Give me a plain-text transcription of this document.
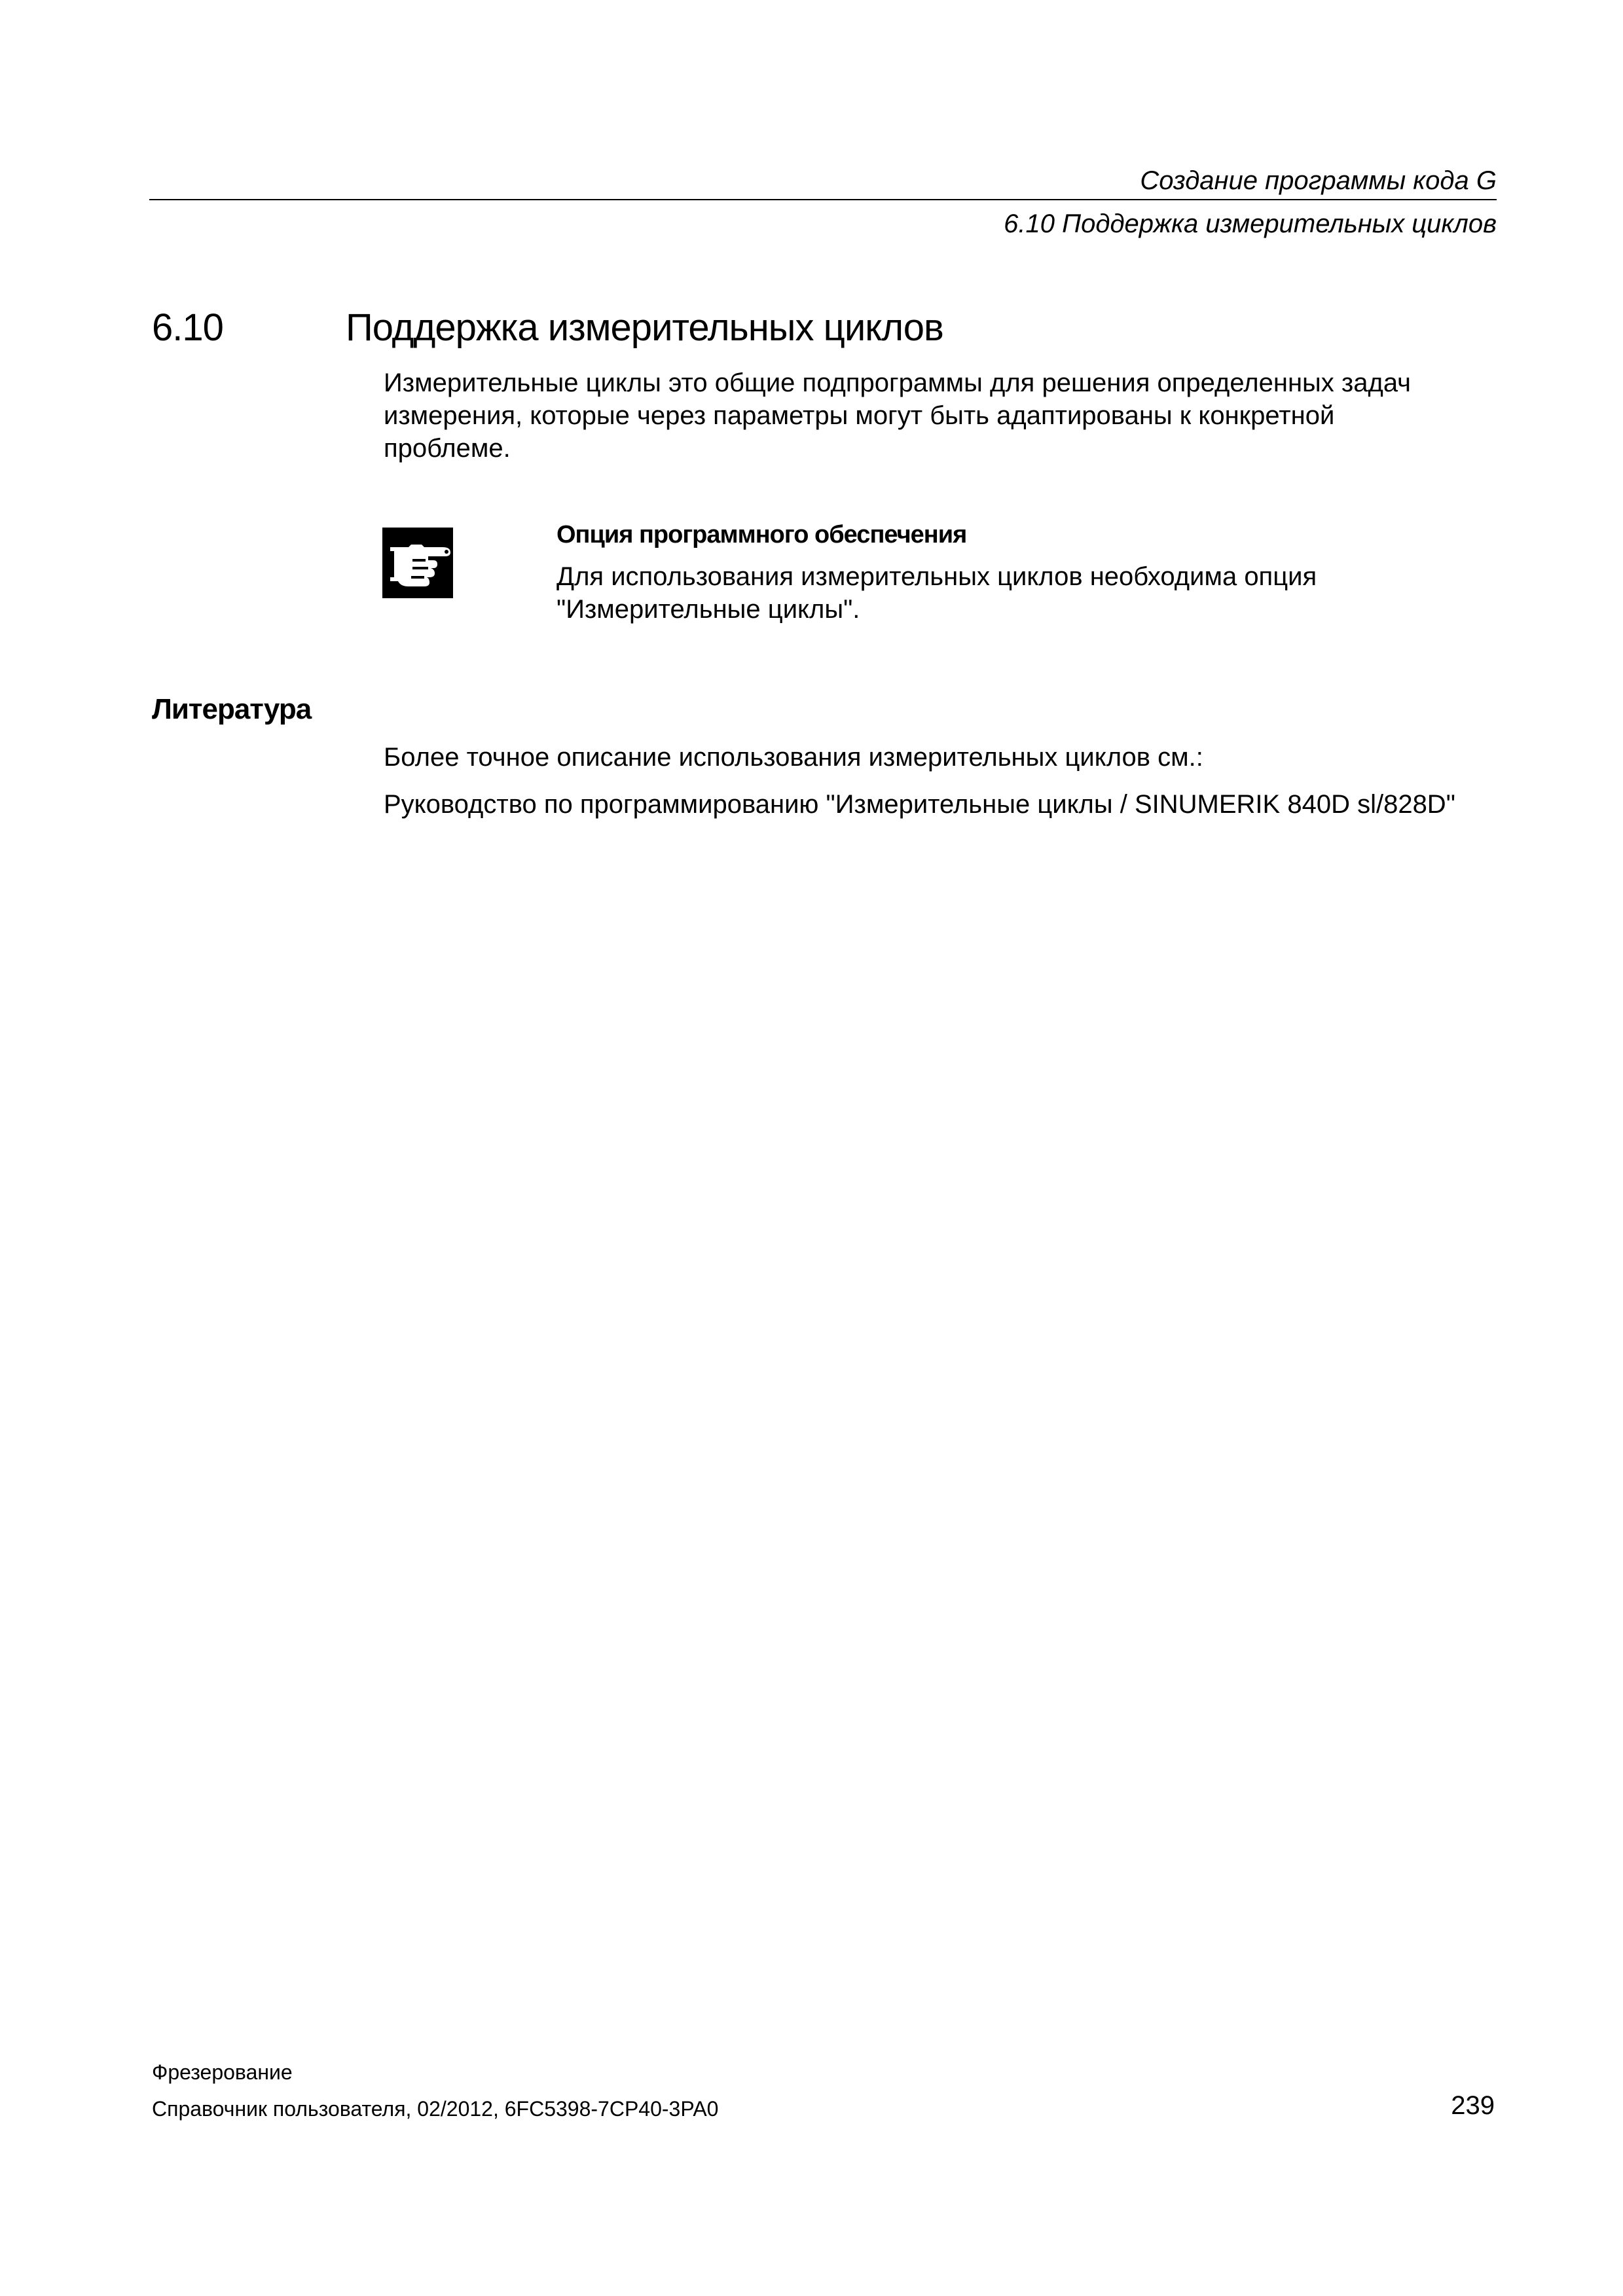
Создание программы кода G
6.10 Поддержка измерительных циклов
6.10	Поддержка измерительных циклов
Измерительные циклы это общие подпрограммы для решения определенных задач
измерения, которые через параметры могут быть адаптированы к конкретной
проблеме.
Опция программного обеспечения
Для использования измерительных циклов необходима опция
"Измерительные циклы".
Литература
Более точное описание использования измерительных циклов см.:
Руководство по программированию "Измерительные циклы / SINUMERIK 840D sl/828D"
Фрезерование
Справочник пользователя, 02/2012, 6FC5398-7CP40-3PA0	239
